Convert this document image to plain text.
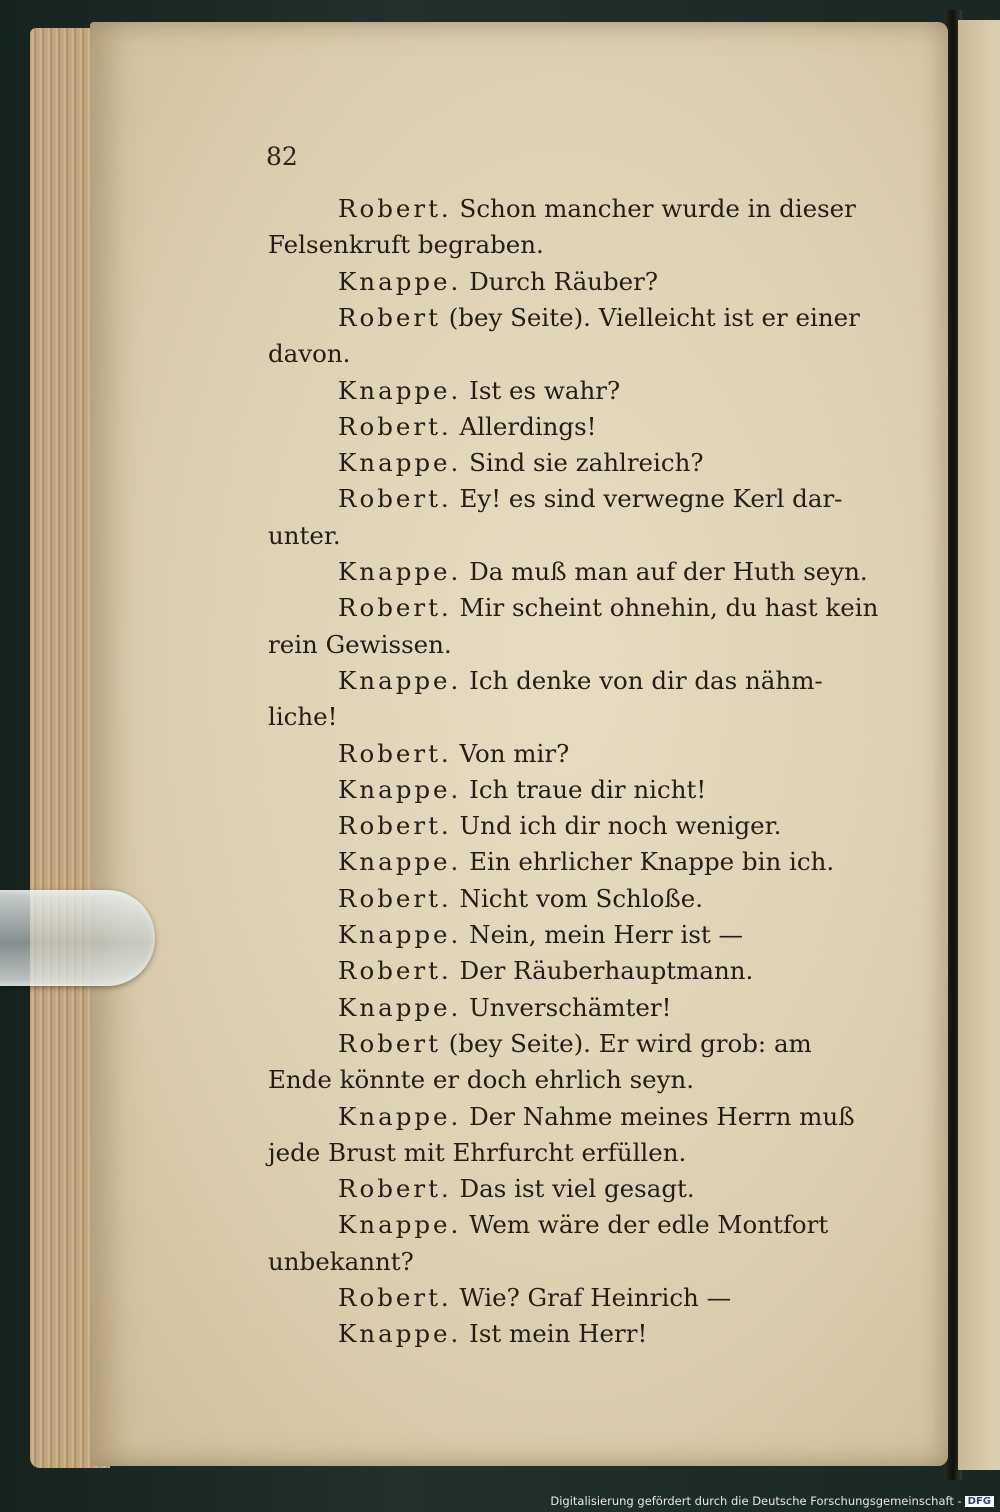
82
Robert. Schon mancher wurde in dieser
Felsenkruft begraben.
Knappe. Durch Räuber?
Robert (bey Seite). Vielleicht ist er einer
davon.
Knappe. Ist es wahr?
Robert. Allerdings!
Knappe. Sind sie zahlreich?
Robert. Ey! es sind verwegne Kerl dar-
unter.
Knappe. Da muß man auf der Huth seyn.
Robert. Mir scheint ohnehin, du hast kein
rein Gewissen.
Knappe. Ich denke von dir das nähm-
liche!
Robert. Von mir?
Knappe. Ich traue dir nicht!
Robert. Und ich dir noch weniger.
Knappe. Ein ehrlicher Knappe bin ich.
Robert. Nicht vom Schloße.
Knappe. Nein, mein Herr ist —
Robert. Der Räuberhauptmann.
Knappe. Unverschämter!
Robert (bey Seite). Er wird grob: am
Ende könnte er doch ehrlich seyn.
Knappe. Der Nahme meines Herrn muß
jede Brust mit Ehrfurcht erfüllen.
Robert. Das ist viel gesagt.
Knappe. Wem wäre der edle Montfort
unbekannt?
Robert. Wie? Graf Heinrich —
Knappe. Ist mein Herr!
Digitalisierung gefördert durch die Deutsche Forschungsgemeinschaft - DFG
